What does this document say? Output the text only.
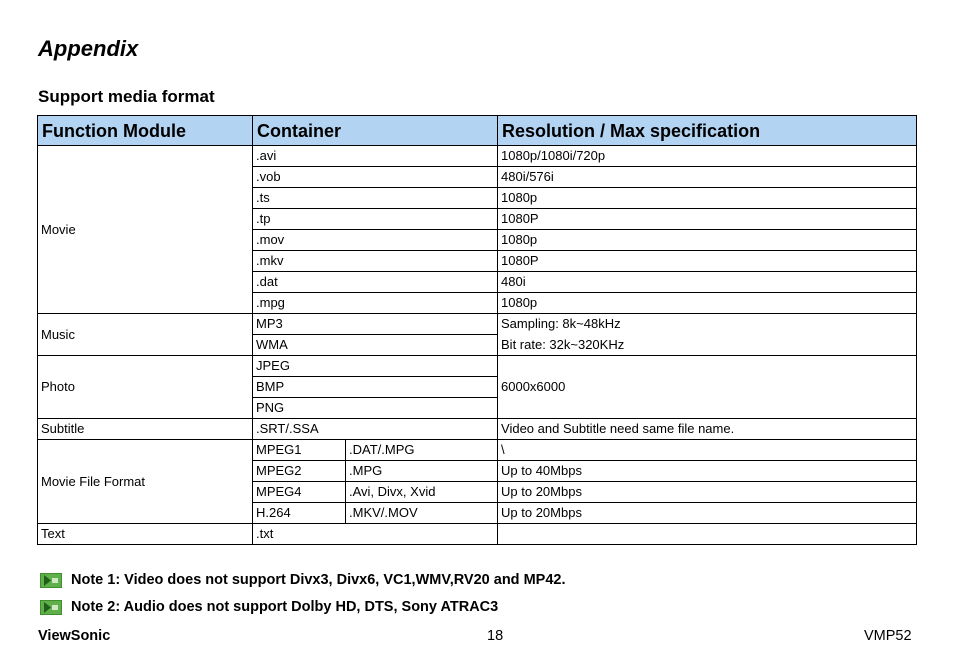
Appendix
Support media format
Function Module	Container		Resolution / Max specification
Movie	.avi		1080p/1080i/720p
	.vob		480i/576i
	.ts		1080p
	.tp		1080P
	.mov		1080p
	.mkv		1080P
	.dat		480i
	.mpg		1080p
Music	MP3		Sampling: 8k~48kHz
	WMA		Bit rate: 32k~320KHz
Photo	JPEG		6000x6000
	BMP		
	PNG		
Subtitle	.SRT/.SSA		Video and Subtitle need same file name.
Movie File Format	MPEG1	.DAT/.MPG	\
	MPEG2	.MPG	Up to 40Mbps
	MPEG4	.Avi, Divx, Xvid	Up to 20Mbps
	H.264	.MKV/.MOV	Up to 20Mbps
Text	.txt		
Note 1: Video does not support Divx3, Divx6, VC1,WMV,RV20 and MP42.
Note 2: Audio does not support Dolby HD, DTS, Sony ATRAC3
ViewSonic	18	VMP52
